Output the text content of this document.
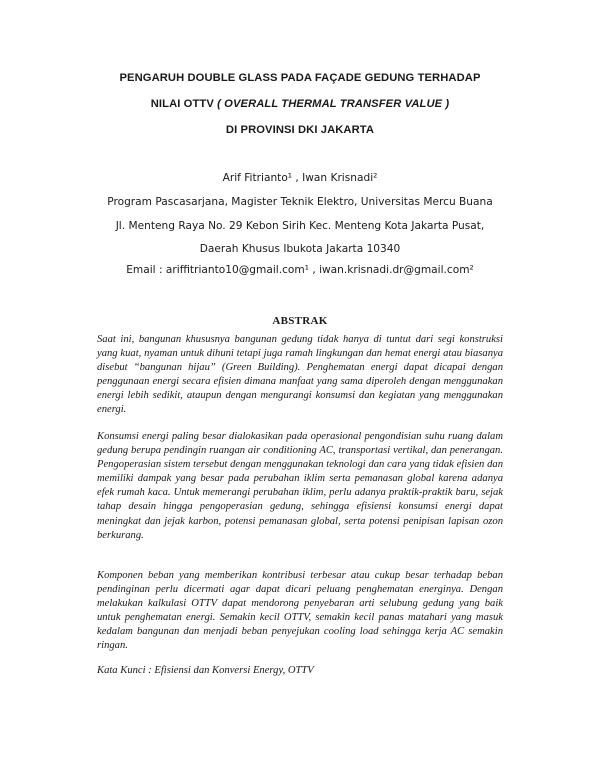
PENGARUH DOUBLE GLASS PADA FAÇADE GEDUNG TERHADAP

NILAI OTTV ( OVERALL THERMAL TRANSFER VALUE )

DI PROVINSI DKI JAKARTA

Arif Fitrianto¹ , Iwan Krisnadi²

Program Pascasarjana, Magister Teknik Elektro, Universitas Mercu Buana

Jl. Menteng Raya No. 29 Kebon Sirih Kec. Menteng Kota Jakarta Pusat,

Daerah Khusus Ibukota Jakarta 10340

Email : ariffitrianto10@gmail.com¹ , iwan.krisnadi.dr@gmail.com²

ABSTRAK

Saat ini, bangunan khususnya bangunan gedung tidak hanya di tuntut dari segi konstruksi yang kuat, nyaman untuk dihuni tetapi juga ramah lingkungan dan hemat energi atau biasanya disebut “bangunan hijau” (Green Building). Penghematan energi dapat dicapai dengan penggunaan energi secara efisien dimana manfaat yang sama diperoleh dengan menggunakan energi lebih sedikit, ataupun dengan mengurangi konsumsi dan kegiatan yang menggunakan energi.

Konsumsi energi paling besar dialokasikan pada operasional pengondisian suhu ruang dalam gedung berupa pendingin ruangan air conditioning AC, transportasi vertikal, dan penerangan. Pengoperasian sistem tersebut dengan menggunakan teknologi dan cara yang tidak efisien dan memiliki dampak yang besar pada perubahan iklim serta pemanasan global karena adanya efek rumah kaca. Untuk memerangi perubahan iklim, perlu adanya praktik-praktik baru, sejak tahap desain hingga pengoperasian gedung, sehingga efisiensi konsumsi energi dapat meningkat dan jejak karbon, potensi pemanasan global, serta potensi penipisan lapisan ozon berkurang.

Komponen beban yang memberikan kontribusi terbesar atau cukup besar terhadap beban pendinginan perlu dicermati agar dapat dicari peluang penghematan energinya. Dengan melakukan kalkulasi OTTV dapat mendorong penyebaran arti selubung gedung yang baik untuk penghematan energi. Semakin kecil OTTV, semakin kecil panas matahari yang masuk kedalam bangunan dan menjadi beban penyejukan cooling load sehingga kerja AC semakin ringan.

Kata Kunci : Efisiensi dan Konversi Energy, OTTV
